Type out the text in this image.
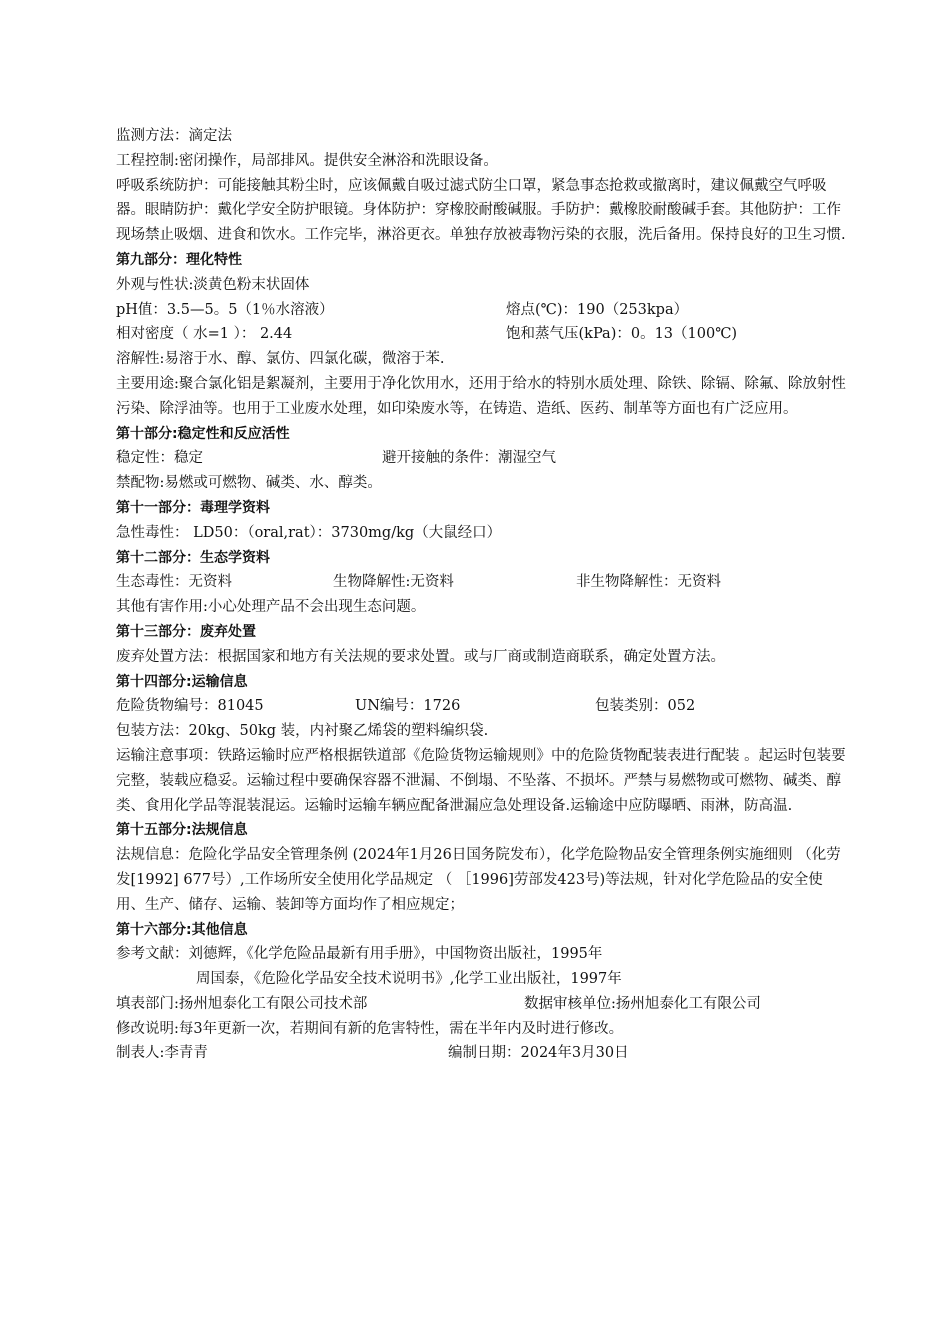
监测方法：滴定法
工程控制:密闭操作，局部排风。提供安全淋浴和洗眼设备。
呼吸系统防护：可能接触其粉尘时，应该佩戴自吸过滤式防尘口罩，紧急事态抢救或撤离时，建议佩戴空气呼吸器。眼睛防护：戴化学安全防护眼镜。身体防护：穿橡胶耐酸碱服。手防护：戴橡胶耐酸碱手套。其他防护：工作现场禁止吸烟、进食和饮水。工作完毕，淋浴更衣。单独存放被毒物污染的衣服，洗后备用。保持良好的卫生习惯.
第九部分：理化特性
外观与性状:淡黄色粉末状固体
pH值：3.5—5。5（1％水溶液）	熔点(℃)：190（253kpa）
相对密度（ 水=1 ）： 2.44	饱和蒸气压(kPa)：0。13（100℃)
溶解性:易溶于水、醇、氯仿、四氯化碳，微溶于苯.
主要用途:聚合氯化铝是絮凝剂，主要用于净化饮用水，还用于给水的特别水质处理、除铁、除镉、除氟、除放射性污染、除浮油等。也用于工业废水处理，如印染废水等，在铸造、造纸、医药、制革等方面也有广泛应用。
第十部分:稳定性和反应活性
稳定性：稳定	避开接触的条件：潮湿空气
禁配物:易燃或可燃物、碱类、水、醇类。
第十一部分：毒理学资料
急性毒性： LD50：（oral,rat）：3730mg/kg（大鼠经口）
第十二部分：生态学资料
生态毒性：无资料	生物降解性:无资料	非生物降解性：无资料
其他有害作用:小心处理产品不会出现生态问题。
第十三部分：废弃处置
废弃处置方法：根据国家和地方有关法规的要求处置。或与厂商或制造商联系，确定处置方法。
第十四部分:运输信息
危险货物编号：81045	UN编号：1726	包装类别：052
包装方法：20kg、50kg 装，内衬聚乙烯袋的塑料编织袋.
运输注意事项：铁路运输时应严格根据铁道部《危险货物运输规则》中的危险货物配装表进行配装 。起运时包装要完整，装载应稳妥。运输过程中要确保容器不泄漏、不倒塌、不坠落、不损坏。严禁与易燃物或可燃物、碱类、醇类、食用化学品等混装混运。运输时运输车辆应配备泄漏应急处理设备.运输途中应防曝晒、雨淋，防高温.
第十五部分:法规信息
法规信息：危险化学品安全管理条例 (2024年1月26日国务院发布），化学危险物品安全管理条例实施细则 （化劳发[1992] 677号）,工作场所安全使用化学品规定 （ ［1996]劳部发423号)等法规，针对化学危险品的安全使用、生产、储存、运输、装卸等方面均作了相应规定；
第十六部分:其他信息
参考文献：刘德辉，《化学危险品最新有用手册》，中国物资出版社，1995年
周国泰，《危险化学品安全技术说明书》,化学工业出版社，1997年
填表部门:扬州旭泰化工有限公司技术部	数据审核单位:扬州旭泰化工有限公司
修改说明:每3年更新一次，若期间有新的危害特性，需在半年内及时进行修改。
制表人:李青青	编制日期：2024年3月30日
